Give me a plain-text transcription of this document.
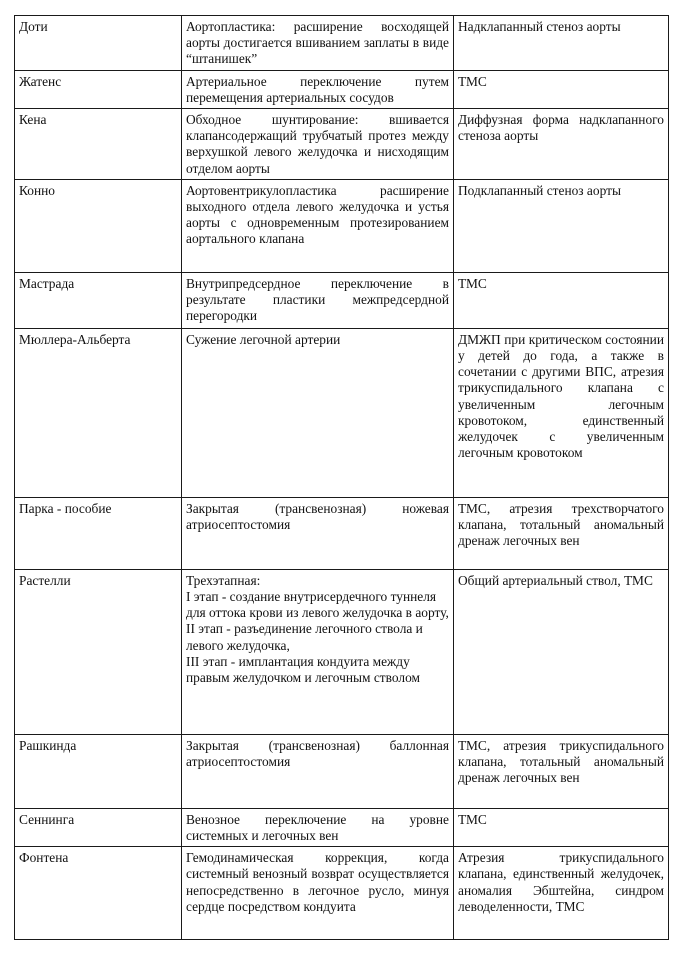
Доти	Аортопластика: расширение восходящей аорты достигается вшиванием заплаты в виде “штанишек”	Надклапанный стеноз аорты
Жатенс	Артериальное переключение путем перемещения артериальных сосудов	ТМС
Кена	Обходное шунтирование: вшивается клапансодержащий трубчатый протез между верхушкой левого желудочка и нисходящим отделом аорты	Диффузная форма надклапанного стеноза аорты
Конно	Аортовентрикулопластика расширение выходного отдела левого желудочка и устья аорты с одновременным протезированием аортального клапана	Подклапанный стеноз аорты
Мастрада	Внутрипредсердное переключение в результате пластики межпредсердной перегородки	ТМС
Мюллера-Альберта	Сужение легочной артерии	ДМЖП при критическом состоянии у детей до года, а также в сочетании с другими ВПС, атрезия трикуспидального клапана с увеличенным легочным кровотоком, единственный желудочек с увеличенным легочным кровотоком
Парка - пособие	Закрытая (трансвенозная) ножевая атриосептостомия	ТМС, атрезия трехстворчатого клапана, тотальный аномальный дренаж легочных вен
Растелли	Трехэтапная:
I этап - создание внутрисердечного туннеля для оттока крови из левого желудочка в аорту,
II этап - разъединение легочного ствола и левого желудочка,
III этап - имплантация кондуита между правым желудочком и легочным стволом	Общий артериальный ствол, ТМС
Рашкинда	Закрытая (трансвенозная) баллонная атриосептостомия	ТМС, атрезия трикуспидального клапана, тотальный аномальный дренаж легочных вен
Сеннинга	Венозное переключение на уровне системных и легочных вен	ТМС
Фонтена	Гемодинамическая коррекция, когда системный венозный возврат осуществляется непосредственно в легочное русло, минуя сердце посредством кондуита	Атрезия трикуспидального клапана, единственный желудочек, аномалия Эбштейна, синдром леводеленности, ТМС
